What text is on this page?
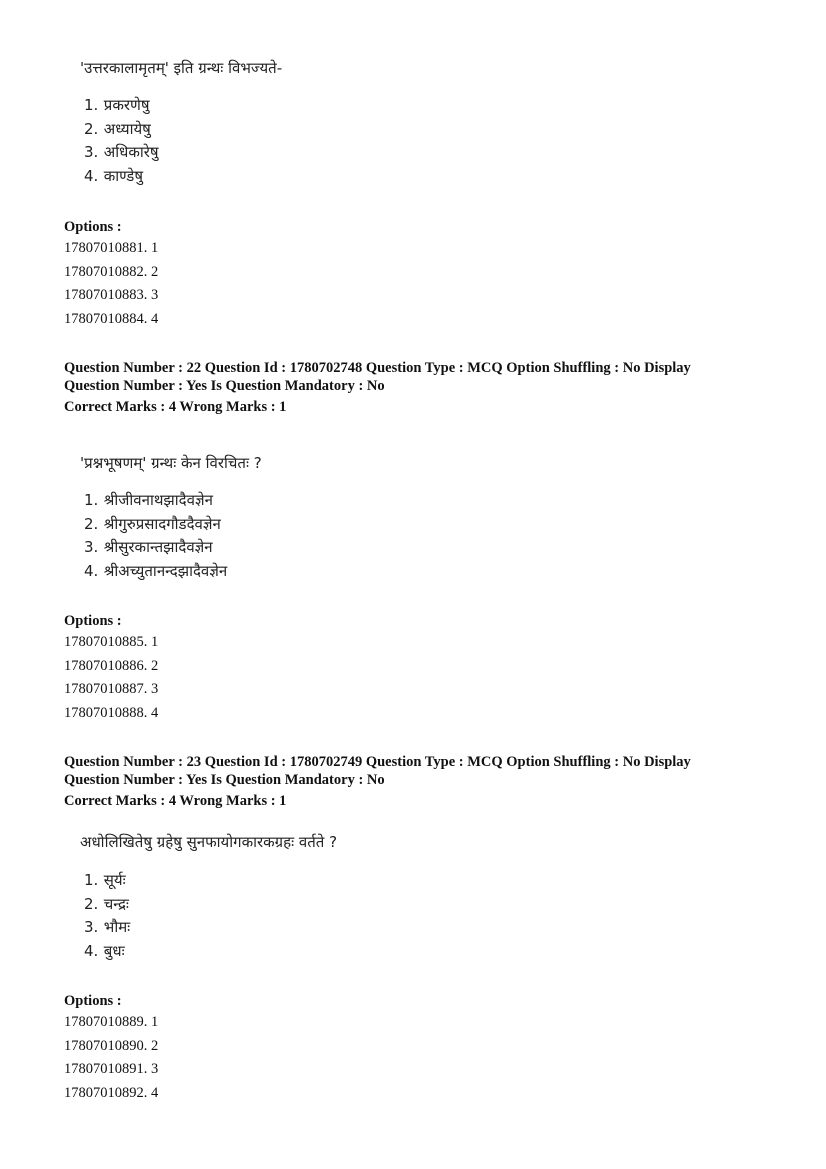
'उत्तरकालामृतम्' इति ग्रन्थः विभज्यते-
1. प्रकरणेषु
2. अध्यायेषु
3. अधिकारेषु
4. काण्डेषु
Options :
17807010881. 1
17807010882. 2
17807010883. 3
17807010884. 4
Question Number : 22 Question Id : 1780702748 Question Type : MCQ Option Shuffling : No Display
Question Number : Yes Is Question Mandatory : No
Correct Marks : 4 Wrong Marks : 1
'प्रश्नभूषणम्' ग्रन्थः केन विरचितः ?
1. श्रीजीवनाथझादैवज्ञेन
2. श्रीगुरुप्रसादगौडदैवज्ञेन
3. श्रीसुरकान्तझादैवज्ञेन
4. श्रीअच्युतानन्दझादैवज्ञेन
Options :
17807010885. 1
17807010886. 2
17807010887. 3
17807010888. 4
Question Number : 23 Question Id : 1780702749 Question Type : MCQ Option Shuffling : No Display
Question Number : Yes Is Question Mandatory : No
Correct Marks : 4 Wrong Marks : 1
अधोलिखितेषु ग्रहेषु सुनफायोगकारकग्रहः वर्तते ?
1. सूर्यः
2. चन्द्रः
3. भौमः
4. बुधः
Options :
17807010889. 1
17807010890. 2
17807010891. 3
17807010892. 4
